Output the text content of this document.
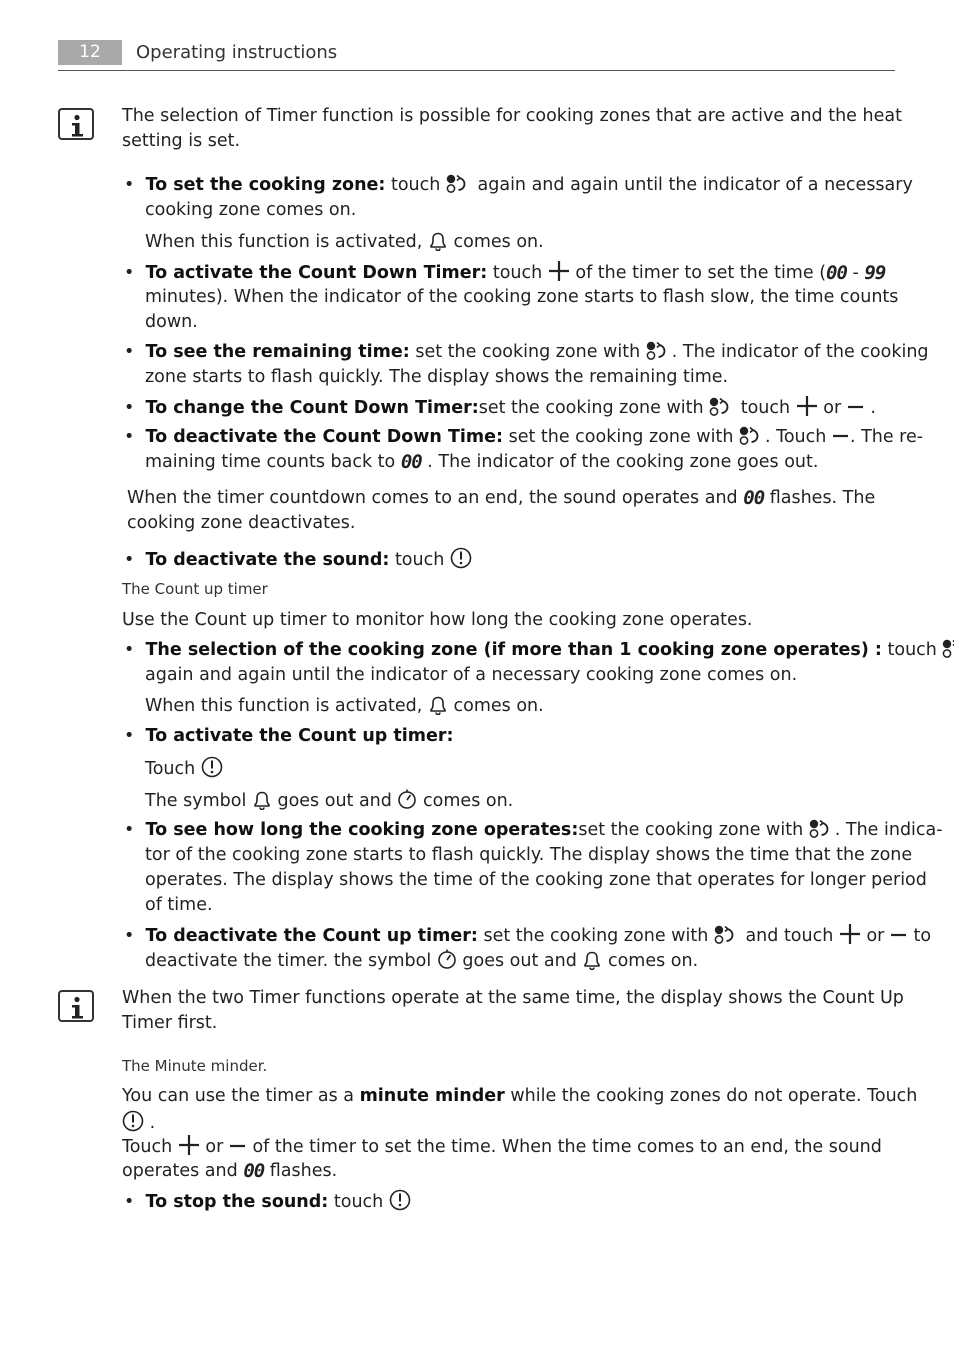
12	Operating instructions
The selection of Timer function is possible for cooking zones that are active and the heat
setting is set.
• To set the cooking zone: touch again and again until the indicator of a necessary
cooking zone comes on.
When this function is activated, comes on.
• To activate the Count Down Timer: touch of the timer to set the time (00 - 99
minutes). When the indicator of the cooking zone starts to flash slow, the time counts
down.
• To see the remaining time: set the cooking zone with . The indicator of the cooking
zone starts to flash quickly. The display shows the remaining time.
• To change the Count Down Timer:set the cooking zone with touch or .
• To deactivate the Count Down Time: set the cooking zone with . Touch . The re-
maining time counts back to 00 . The indicator of the cooking zone goes out.
When the timer countdown comes to an end, the sound operates and 00 flashes. The
cooking zone deactivates.
• To deactivate the sound: touch
The Count up timer
Use the Count up timer to monitor how long the cooking zone operates.
• The selection of the cooking zone (if more than 1 cooking zone operates) : touch
again and again until the indicator of a necessary cooking zone comes on.
When this function is activated, comes on.
• To activate the Count up timer:
Touch
The symbol goes out and comes on.
• To see how long the cooking zone operates:set the cooking zone with . The indica-
tor of the cooking zone starts to flash quickly. The display shows the time that the zone
operates. The display shows the time of the cooking zone that operates for longer period
of time.
• To deactivate the Count up timer: set the cooking zone with and touch or to
deactivate the timer. the symbol goes out and comes on.
When the two Timer functions operate at the same time, the display shows the Count Up
Timer first.
The Minute minder.
You can use the timer as a minute minder while the cooking zones do not operate. Touch
.
Touch or of the timer to set the time. When the time comes to an end, the sound
operates and 00 flashes.
• To stop the sound: touch
